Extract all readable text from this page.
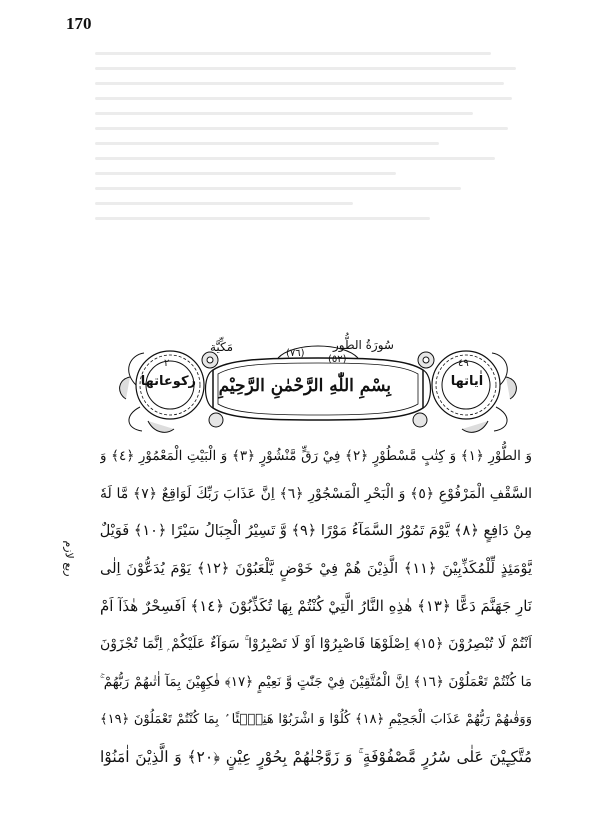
170
مَكِّيَّة	(٧٦)
سُورَةُ الطُّور
(٥٢)
بِسْمِ اللّٰهِ الرَّحْمٰنِ الرَّحِيْمِ
٢
ركوعاتها
٤٩
اٰياتها
ربع لازم
وَ الطُّوْرِ ﴿١﴾ وَ كِتٰبٍ مَّسْطُوْرٍ ﴿٢﴾ فِيْ رَقٍّ مَّنْشُوْرٍ ﴿٣﴾ وَ الْبَيْتِ الْمَعْمُوْرِ ﴿٤﴾ وَ
السَّقْفِ الْمَرْفُوْعِ ﴿٥﴾ وَ الْبَحْرِ الْمَسْجُوْرِ ﴿٦﴾ اِنَّ عَذَابَ رَبِّكَ لَوَاقِعٌ ﴿٧﴾ مَّا لَهٗ
مِنْ دَافِعٍ ﴿٨﴾ يَّوْمَ تَمُوْرُ السَّمَآءُ مَوْرًا ﴿٩﴾ وَّ تَسِيْرُ الْجِبَالُ سَيْرًا ﴿١٠﴾ فَوَيْلٌ
يَّوْمَئِذٍ لِّلْمُكَذِّبِيْنَ ﴿١١﴾ الَّذِيْنَ هُمْ فِيْ خَوْضٍ يَّلْعَبُوْنَ ﴿١٢﴾ يَوْمَ يُدَعُّوْنَ اِلٰى
نَارِ جَهَنَّمَ دَعًّا ﴿١٣﴾ هٰذِهِ النَّارُ الَّتِيْ كُنْتُمْ بِهَا تُكَذِّبُوْنَ ﴿١٤﴾ اَفَسِحْرٌ هٰذَآ اَمْ
اَنْتُمْ لَا تُبْصِرُوْنَ ﴿١٥﴾ اِصْلَوْهَا فَاصْبِرُوْٓا اَوْ لَا تَصْبِرُوْا ۚ سَوَآءٌ عَلَيْكُمْ ۭ اِنَّمَا تُجْزَوْنَ
مَا كُنْتُمْ تَعْمَلُوْنَ ﴿١٦﴾ اِنَّ الْمُتَّقِيْنَ فِيْ جَنّٰتٍ وَّ نَعِيْمٍ ﴿١٧﴾ فٰكِهِيْنَ بِمَآ اٰتٰىهُمْ رَبُّهُمْ ۚ
وَوَقٰىهُمْ رَبُّهُمْ عَذَابَ الْجَحِيْمِ ﴿١٨﴾ كُلُوْا وَ اشْرَبُوْا هَنِيْۗئًا ۢ بِمَا كُنْتُمْ تَعْمَلُوْنَ ﴿١٩﴾
مُتَّكِـِٕيْنَ عَلٰى سُرُرٍ مَّصْفُوْفَةٍ ۚ وَ زَوَّجْنٰهُمْ بِحُوْرٍ عِيْنٍ ﴿٢٠﴾ وَ الَّذِيْنَ اٰمَنُوْا
